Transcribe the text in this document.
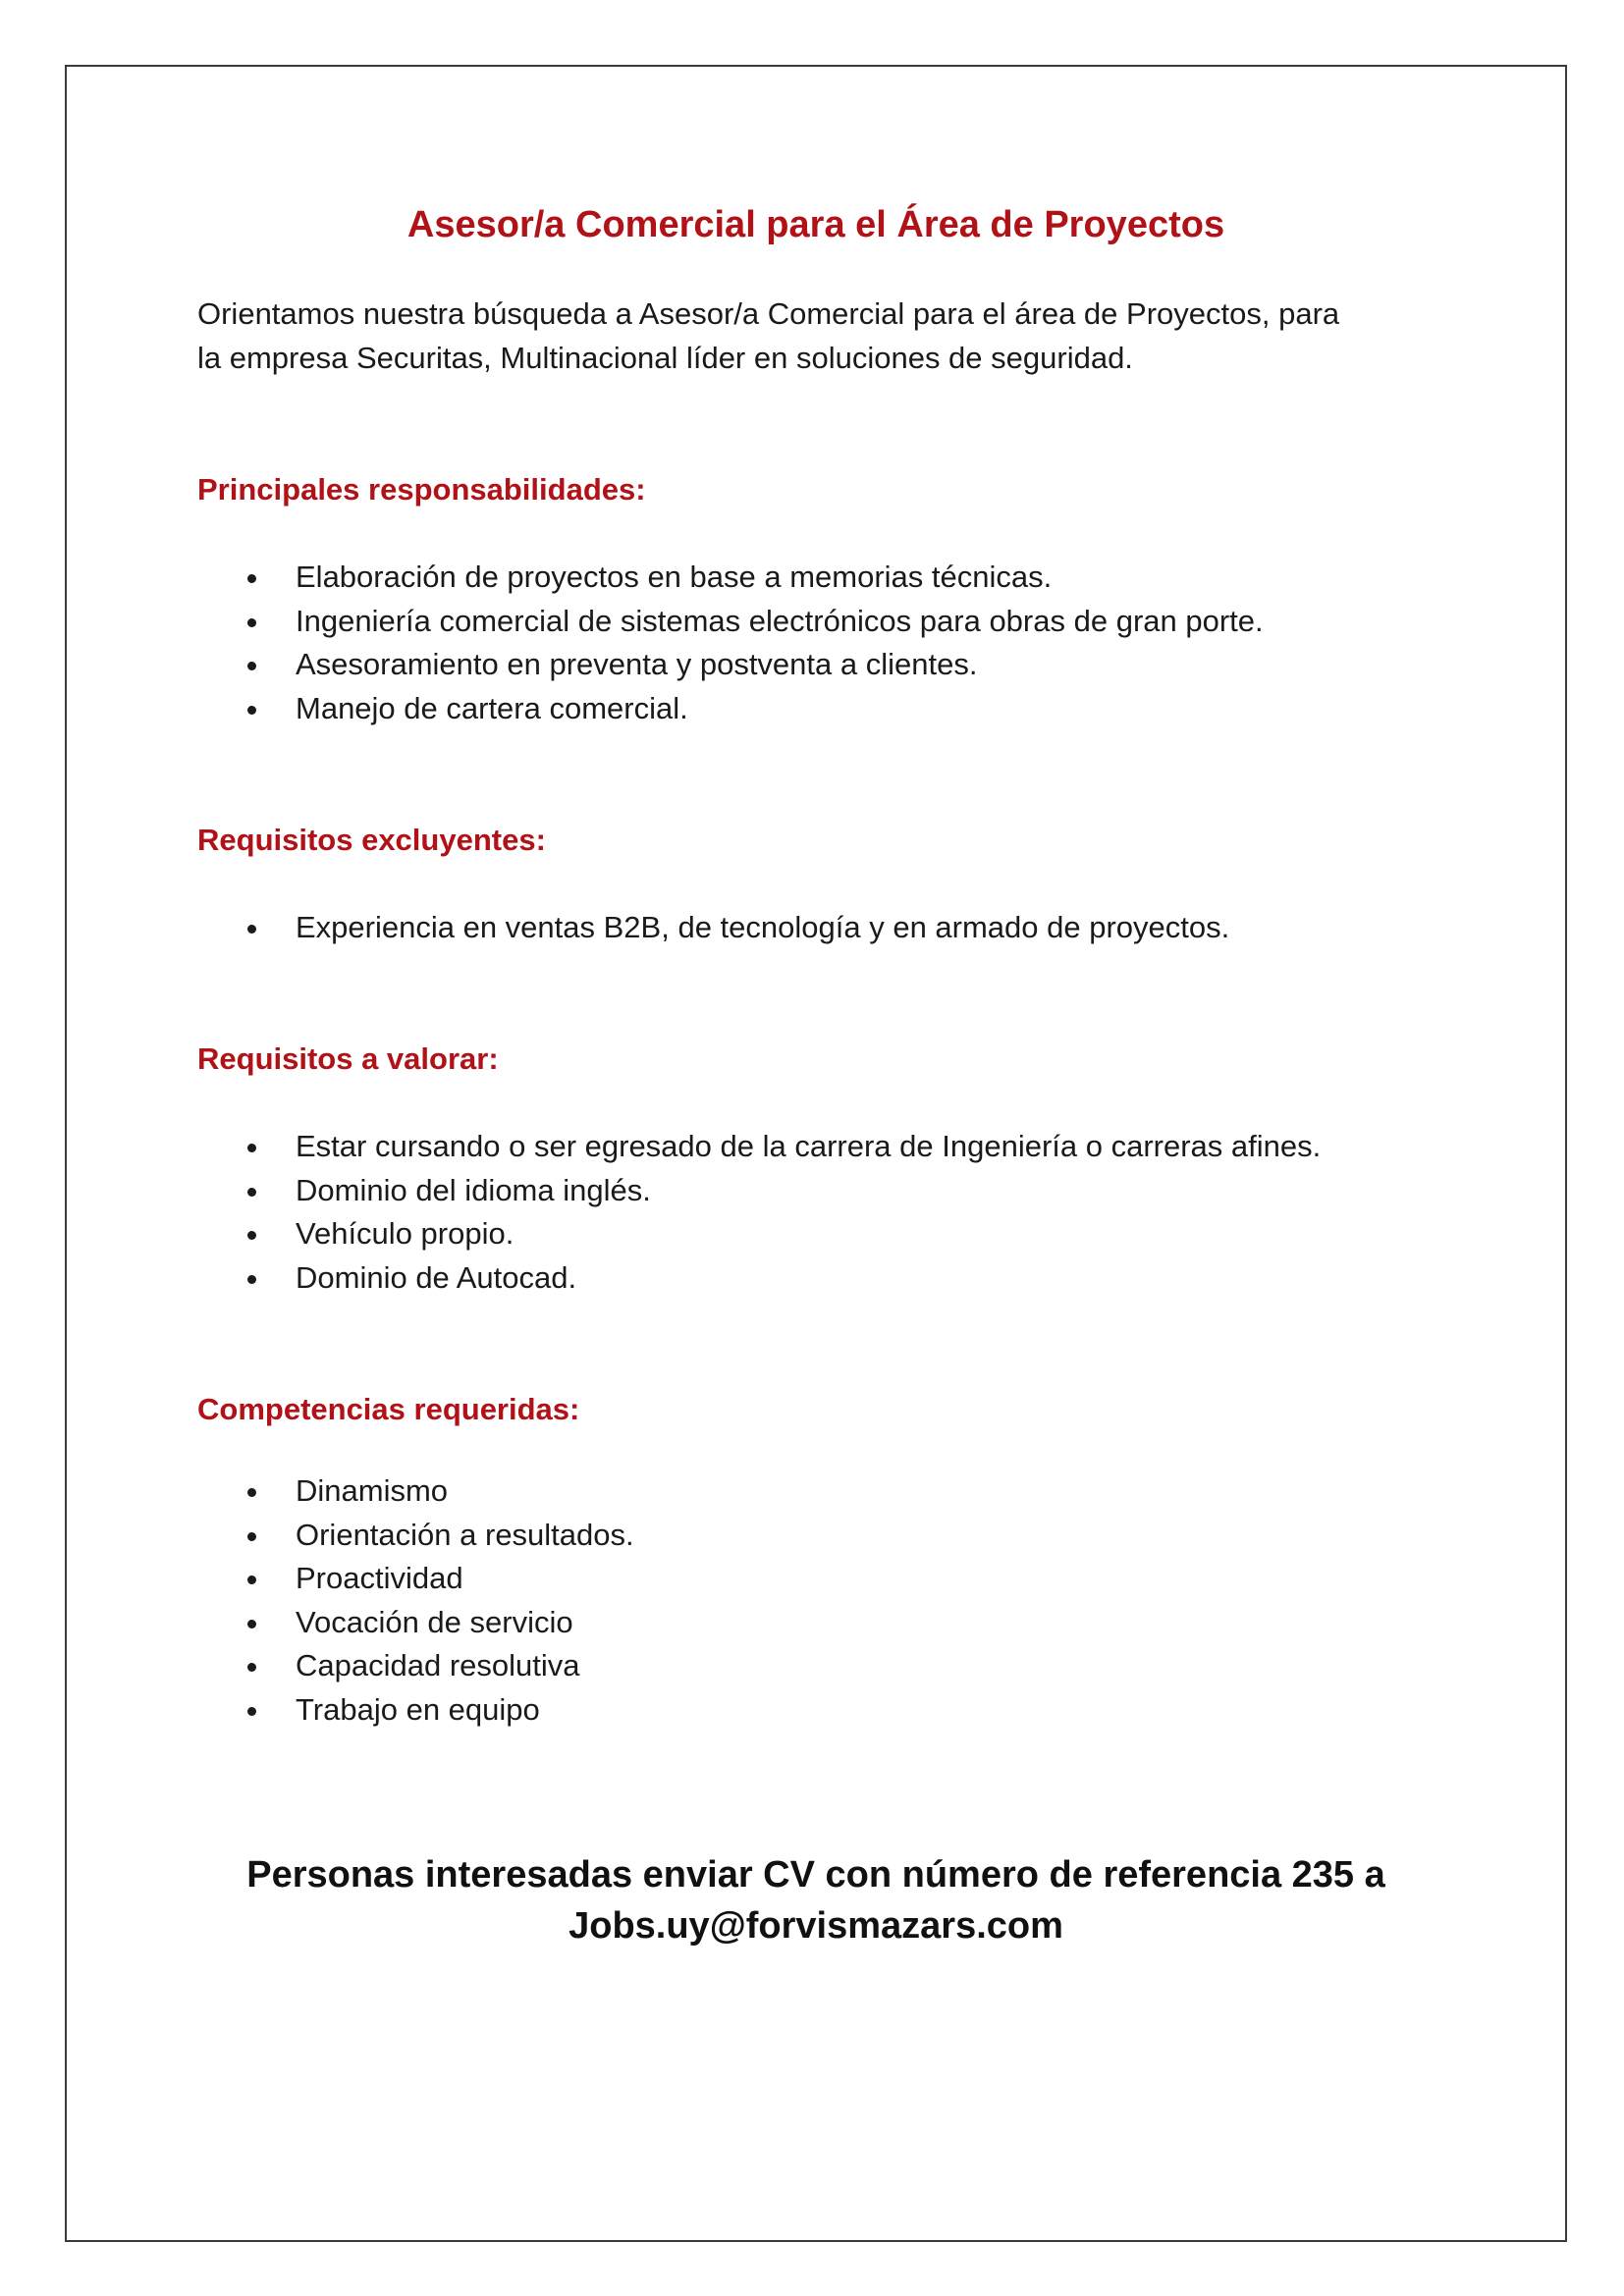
Asesor/a Comercial para el Área de Proyectos

Orientamos nuestra búsqueda a Asesor/a Comercial para el área de Proyectos, para
la empresa Securitas, Multinacional líder en soluciones de seguridad.

Principales responsabilidades:
Elaboración de proyectos en base a memorias técnicas.
Ingeniería comercial de sistemas electrónicos para obras de gran porte.
Asesoramiento en preventa y postventa a clientes.
Manejo de cartera comercial.
Requisitos excluyentes:
Experiencia en ventas B2B, de tecnología y en armado de proyectos.
Requisitos a valorar:
Estar cursando o ser egresado de la carrera de Ingeniería o carreras afines.
Dominio del idioma inglés.
Vehículo propio.
Dominio de Autocad.
Competencias requeridas:
Dinamismo
Orientación a resultados.
Proactividad
Vocación de servicio
Capacidad resolutiva
Trabajo en equipo

Personas interesadas enviar CV con número de referencia 235 a

Jobs.uy@forvismazars.com
